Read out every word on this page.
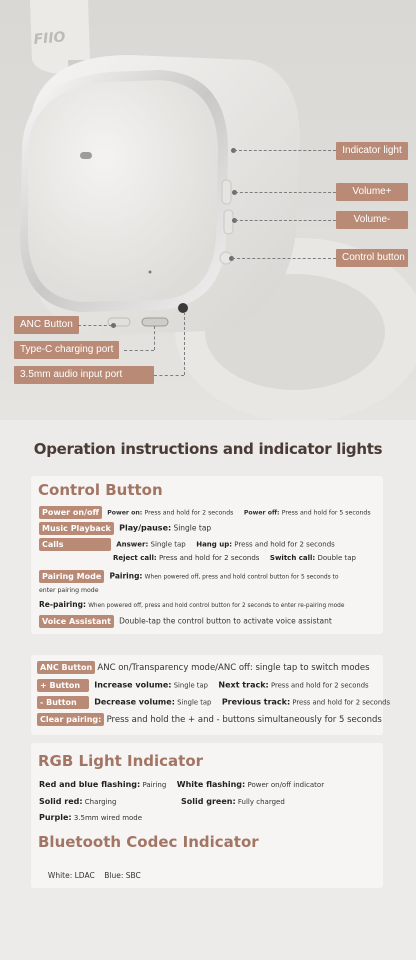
FIIO
Indicator light
Volume+
Volume-
Control button
ANC Button
Type-C charging port
3.5mm audio input port
Operation instructions and indicator lights
Control Button
Power on/off Power on: Press and hold for 2 seconds Power off: Press and hold for 5 seconds
Music Playback Play/pause: Single tap
Calls	Answer: Single tap Hang up: Press and hold for 2 seconds
Reject call: Press and hold for 2 seconds Switch call: Double tap
Pairing Mode Pairing: When powered off, press and hold control button for 5 seconds to
enter pairing mode
Re-pairing: When powered off, press and hold control button for 2 seconds to enter re-pairing mode
Voice Assistant Double-tap the control button to activate voice assistant
ANC Button ANC on/Transparency mode/ANC off: single tap to switch modes
+ Button Increase volume: Single tap Next track: Press and hold for 2 seconds
- Button Decrease volume: Single tap Previous track: Press and hold for 2 seconds
Clear pairing: Press and hold the + and - buttons simultaneously for 5 seconds
RGB Light Indicator
Red and blue flashing: Pairing White flashing: Power on/off indicator
Solid red: Charging	Solid green: Fully charged
Purple: 3.5mm wired mode
Bluetooth Codec Indicator

White: LDAC    Blue: SBC
